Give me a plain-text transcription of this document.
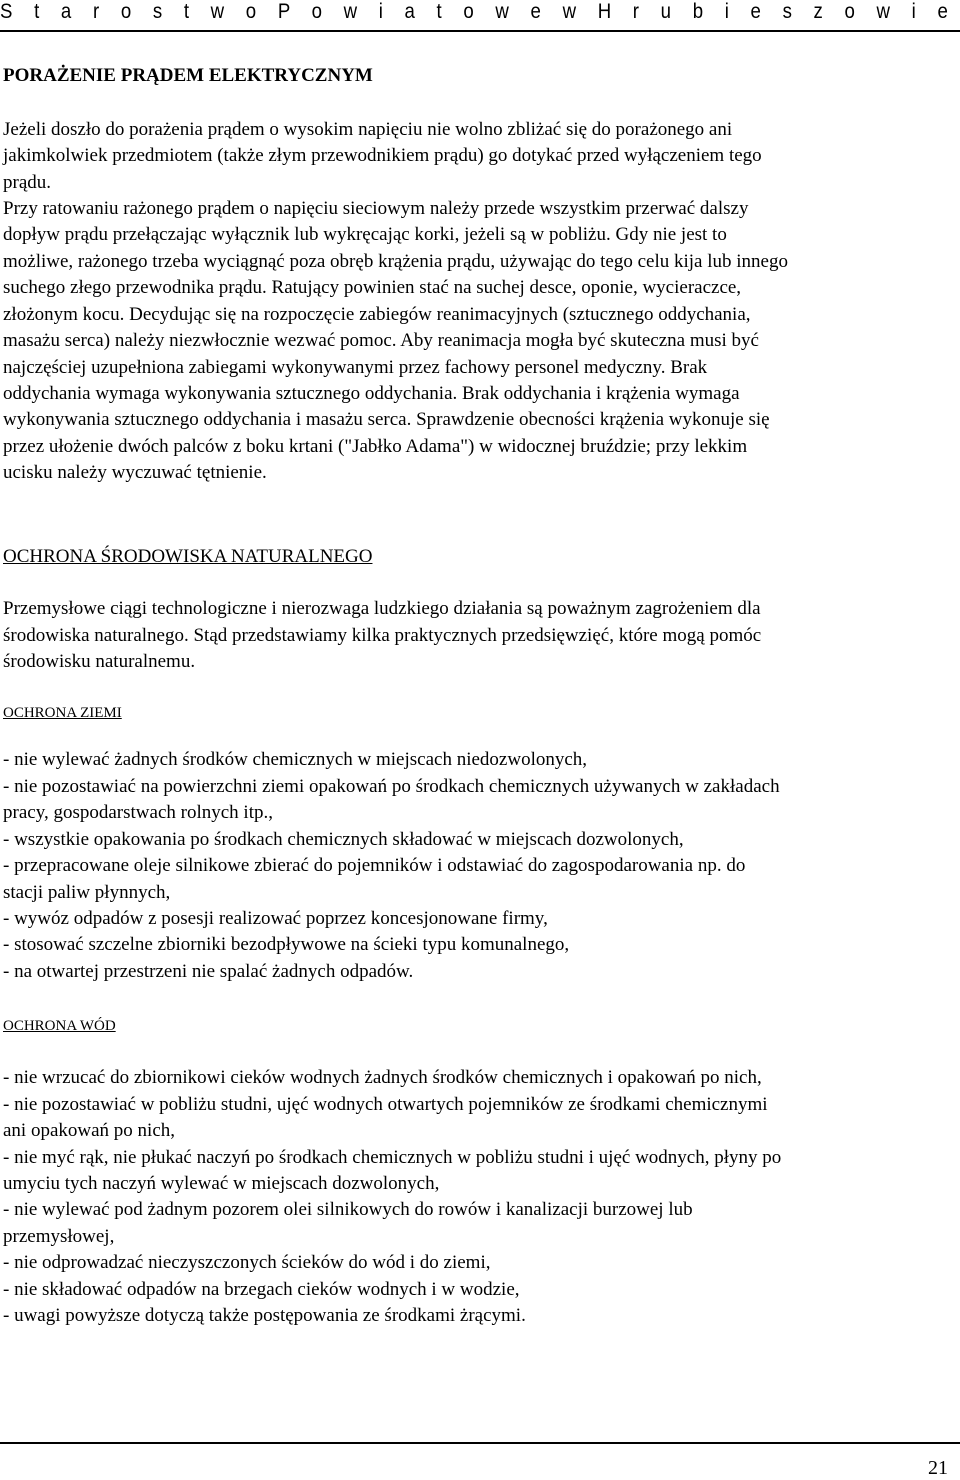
S t a r o s t w o P o w i a t o w e w H r u b i e s z o w i e
PORAŻENIE PRĄDEM ELEKTRYCZNYM
Jeżeli doszło do porażenia prądem o wysokim napięciu nie wolno zbliżać się do porażonego ani
jakimkolwiek przedmiotem (także złym przewodnikiem prądu) go dotykać przed wyłączeniem tego
prądu.
Przy ratowaniu rażonego prądem o napięciu sieciowym należy przede wszystkim przerwać dalszy
dopływ prądu przełączając wyłącznik lub wykręcając korki, jeżeli są w pobliżu. Gdy nie jest to
możliwe, rażonego trzeba wyciągnąć poza obręb krążenia prądu, używając do tego celu kija lub innego
suchego złego przewodnika prądu. Ratujący powinien stać na suchej desce, oponie, wycieraczce,
złożonym kocu. Decydując się na rozpoczęcie zabiegów reanimacyjnych (sztucznego oddychania,
masażu serca) należy niezwłocznie wezwać pomoc. Aby reanimacja mogła być skuteczna musi być
najczęściej uzupełniona zabiegami wykonywanymi przez fachowy personel medyczny. Brak
oddychania wymaga wykonywania sztucznego oddychania. Brak oddychania i krążenia wymaga
wykonywania sztucznego oddychania i masażu serca. Sprawdzenie obecności krążenia wykonuje się
przez ułożenie dwóch palców z boku krtani ("Jabłko Adama") w widocznej bruździe; przy lekkim
ucisku należy wyczuwać tętnienie.
OCHRONA ŚRODOWISKA NATURALNEGO
Przemysłowe ciągi technologiczne i nierozwaga ludzkiego działania są poważnym zagrożeniem dla
środowiska naturalnego. Stąd przedstawiamy kilka praktycznych przedsięwzięć, które mogą pomóc
środowisku naturalnemu.
OCHRONA ZIEMI
- nie wylewać żadnych środków chemicznych w miejscach niedozwolonych,
- nie pozostawiać na powierzchni ziemi opakowań po środkach chemicznych używanych w zakładach
pracy, gospodarstwach rolnych itp.,
- wszystkie opakowania po środkach chemicznych składować w miejscach dozwolonych,
- przepracowane oleje silnikowe zbierać do pojemników i odstawiać do zagospodarowania np. do
stacji paliw płynnych,
- wywóz odpadów z posesji realizować poprzez koncesjonowane firmy,
- stosować szczelne zbiorniki bezodpływowe na ścieki typu komunalnego,
- na otwartej przestrzeni nie spalać żadnych odpadów.
OCHRONA WÓD
- nie wrzucać do zbiornikowi cieków wodnych żadnych środków chemicznych i opakowań po nich,
- nie pozostawiać w pobliżu studni, ujęć wodnych otwartych pojemników ze środkami chemicznymi
ani opakowań po nich,
- nie myć rąk, nie płukać naczyń po środkach chemicznych w pobliżu studni i ujęć wodnych, płyny po
umyciu tych naczyń wylewać w miejscach dozwolonych,
- nie wylewać pod żadnym pozorem olei silnikowych do rowów i kanalizacji burzowej lub
przemysłowej,
- nie odprowadzać nieczyszczonych ścieków do wód i do ziemi,
- nie składować odpadów na brzegach cieków wodnych i w wodzie,
- uwagi powyższe dotyczą także postępowania ze środkami żrącymi.
21
